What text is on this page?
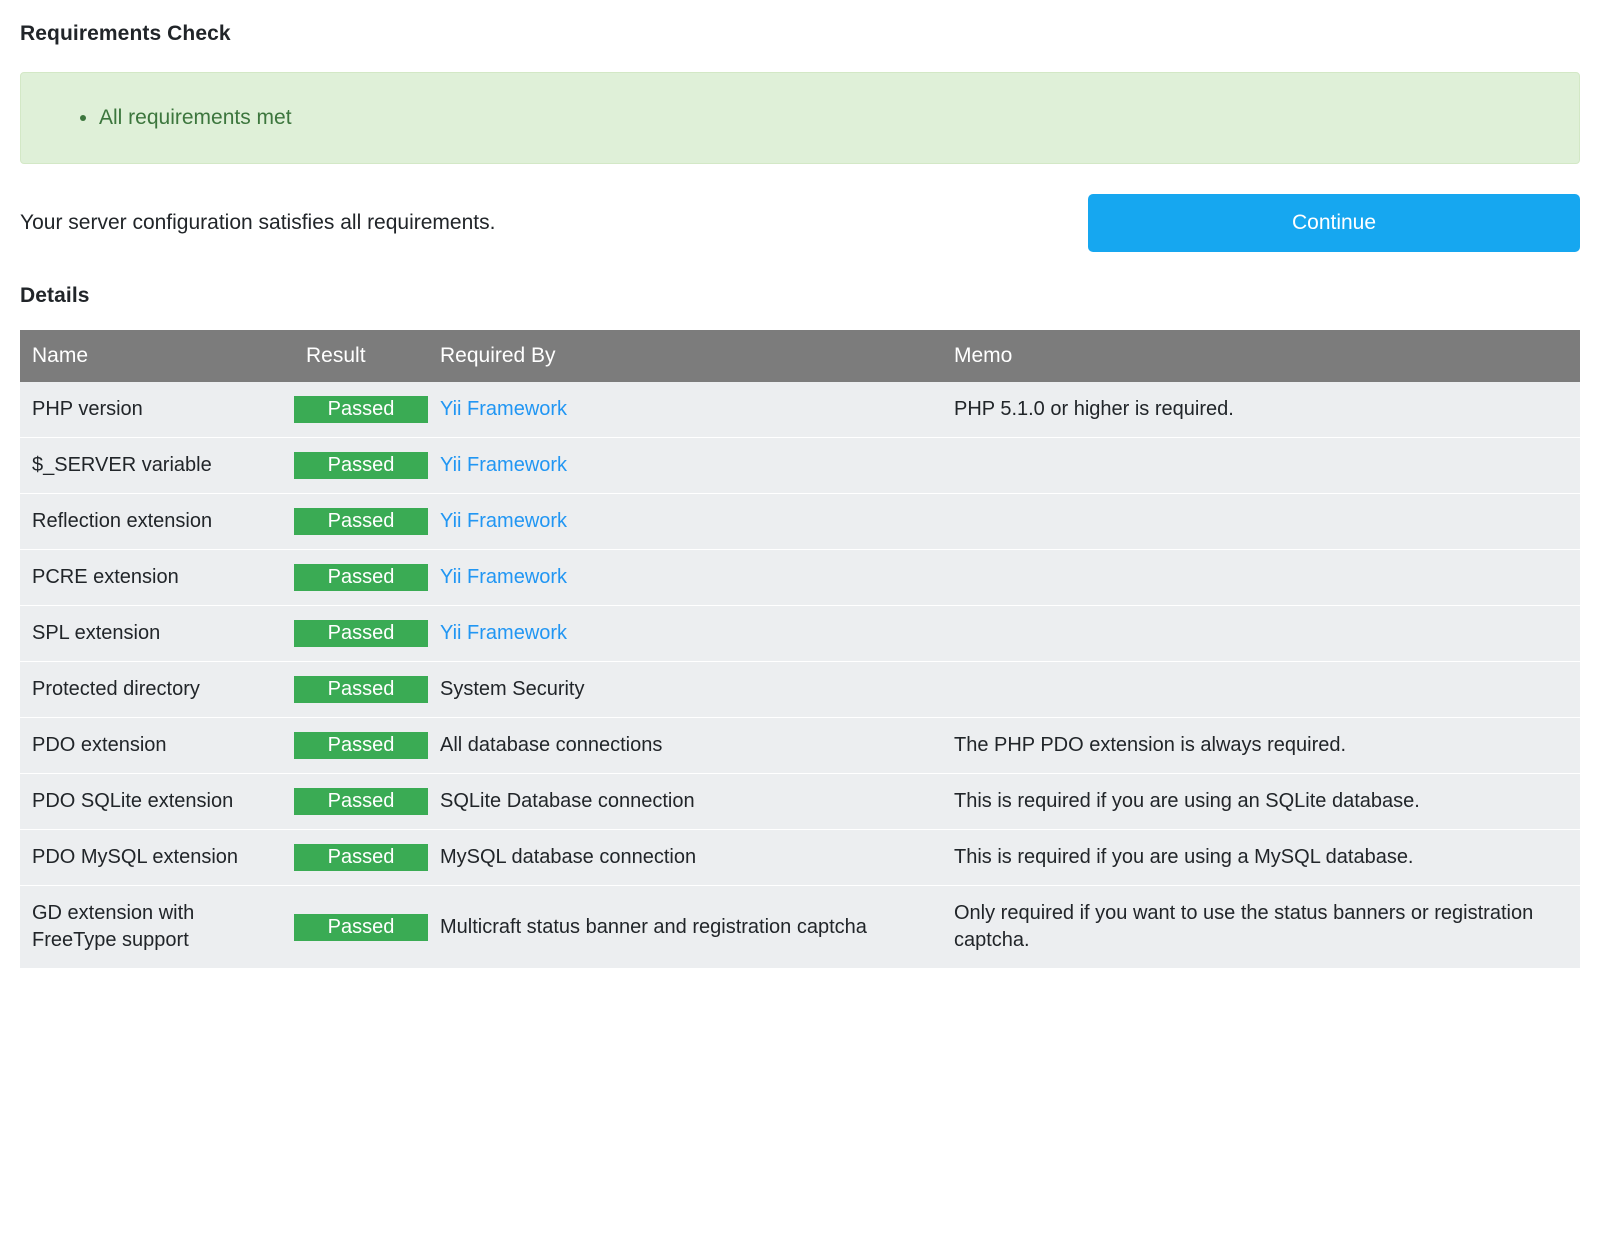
Requirements Check
• All requirements met
Your server configuration satisfies all requirements.	Continue
Details
Name	Result	Required By	Memo
PHP version	Passed	Yii Framework	PHP 5.1.0 or higher is required.
$_SERVER variable	Passed	Yii Framework	
Reflection extension	Passed	Yii Framework	
PCRE extension	Passed	Yii Framework	
SPL extension	Passed	Yii Framework	
Protected directory	Passed	System Security	
PDO extension	Passed	All database connections	The PHP PDO extension is always required.
PDO SQLite extension	Passed	SQLite Database connection	This is required if you are using an SQLite database.
PDO MySQL extension	Passed	MySQL database connection	This is required if you are using a MySQL database.
GD extension with FreeType support	Passed	Multicraft status banner and registration captcha	Only required if you want to use the status banners or registration captcha.
